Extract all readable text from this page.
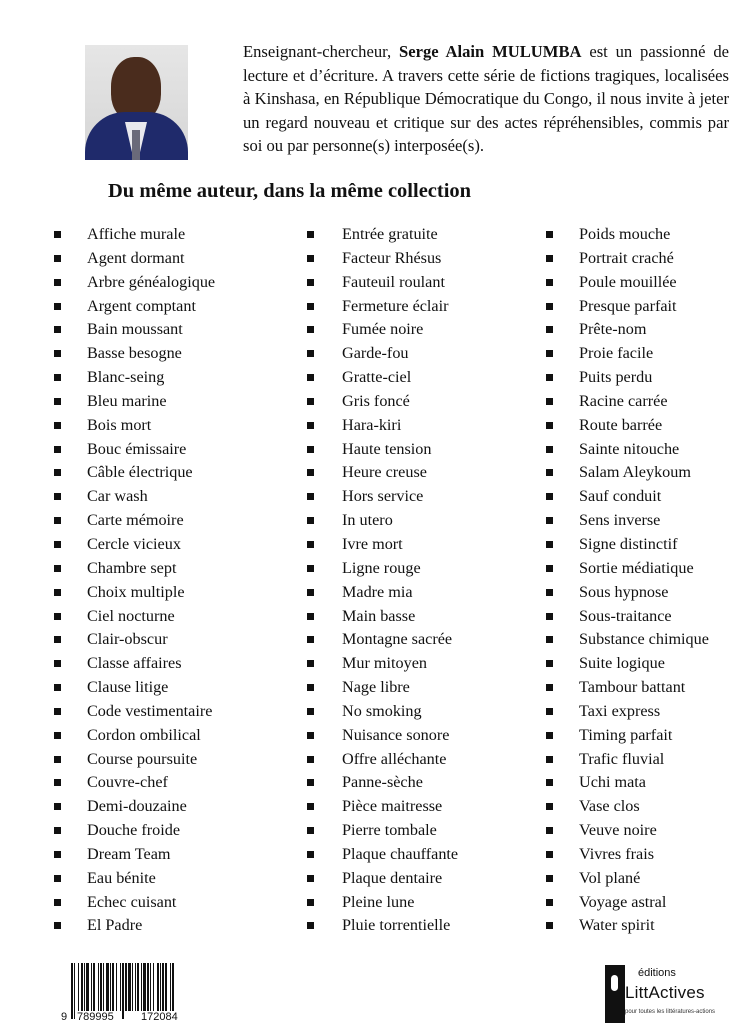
Enseignant-chercheur, Serge Alain MULUMBA est un passionné de lecture et d’écriture. A travers cette série de fictions tragiques, localisées à Kinshasa, en République Démocratique du Congo, il nous invite à jeter un regard nouveau et critique sur des actes répréhensibles, commis par soi ou par personne(s) interposée(s).

Du même auteur, dans la même collection
Affiche murale
Agent dormant
Arbre généalogique
Argent comptant
Bain moussant
Basse besogne
Blanc-seing
Bleu marine
Bois mort
Bouc émissaire
Câble électrique
Car wash
Carte mémoire
Cercle vicieux
Chambre sept
Choix multiple
Ciel nocturne
Clair-obscur
Classe affaires
Clause litige
Code vestimentaire
Cordon ombilical
Course poursuite
Couvre-chef
Demi-douzaine
Douche froide
Dream Team
Eau bénite
Echec cuisant
El Padre
Entrée gratuite
Facteur Rhésus
Fauteuil roulant
Fermeture éclair
Fumée noire
Garde-fou
Gratte-ciel
Gris foncé
Hara-kiri
Haute tension
Heure creuse
Hors service
In utero
Ivre mort
Ligne rouge
Madre mia
Main basse
Montagne sacrée
Mur mitoyen
Nage libre
No smoking
Nuisance sonore
Offre alléchante
Panne-sèche
Pièce maitresse
Pierre tombale
Plaque chauffante
Plaque dentaire
Pleine lune
Pluie torrentielle
Poids mouche
Portrait craché
Poule mouillée
Presque parfait
Prête-nom
Proie facile
Puits perdu
Racine carrée
Route barrée
Sainte nitouche
Salam Aleykoum
Sauf conduit
Sens inverse
Signe distinctif
Sortie médiatique
Sous hypnose
Sous-traitance
Substance chimique
Suite logique
Tambour battant
Taxi express
Timing parfait
Trafic fluvial
Uchi mata
Vase clos
Veuve noire
Vivres frais
Vol plané
Voyage astral
Water spirit
9 789995 172084
éditions
LittActives
pour toutes les littératures-actions
